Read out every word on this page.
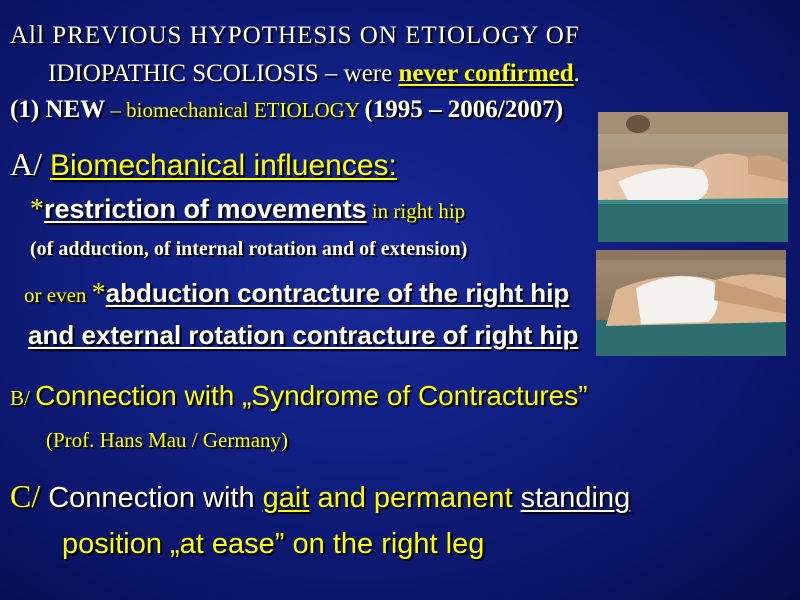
All PREVIOUS HYPOTHESIS ON ETIOLOGY OF
IDIOPATHIC SCOLIOSIS – were never confirmed.
(1) NEW – biomechanical ETIOLOGY (1995 – 2006/2007)
A/ Biomechanical influences:
*restriction of movements in right hip
(of adduction, of internal rotation and of extension)
or even *abduction contracture of the right hip
and external rotation contracture of right hip
B/ Connection with „Syndrome of Contractures”
(Prof. Hans Mau / Germany)
C/ Connection with gait and permanent standing
position „at ease” on the right leg
